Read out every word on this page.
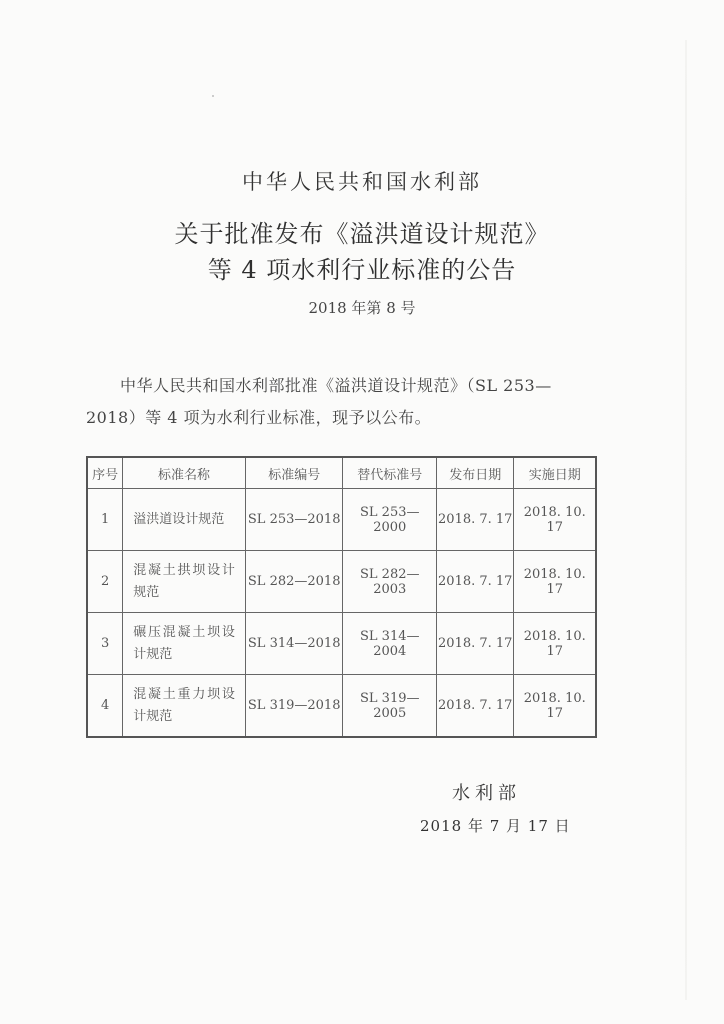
中华人民共和国水利部
关于批准发布《溢洪道设计规范》
等 4 项水利行业标准的公告
2018 年第 8 号
中华人民共和国水利部批准《溢洪道设计规范》（SL 253—2018）等 4 项为水利行业标准，现予以公布。
序号	标准名称	标准编号	替代标准号	发布日期	实施日期
1	溢洪道设计规范	SL 253—2018	SL 253—2000	2018. 7. 17	2018. 10. 17
2	混凝土拱坝设计规范	SL 282—2018	SL 282—2003	2018. 7. 17	2018. 10. 17
3	碾压混凝土坝设计规范	SL 314—2018	SL 314—2004	2018. 7. 17	2018. 10. 17
4	混凝土重力坝设计规范	SL 319—2018	SL 319—2005	2018. 7. 17	2018. 10. 17
水利部
2018 年 7 月 17 日
